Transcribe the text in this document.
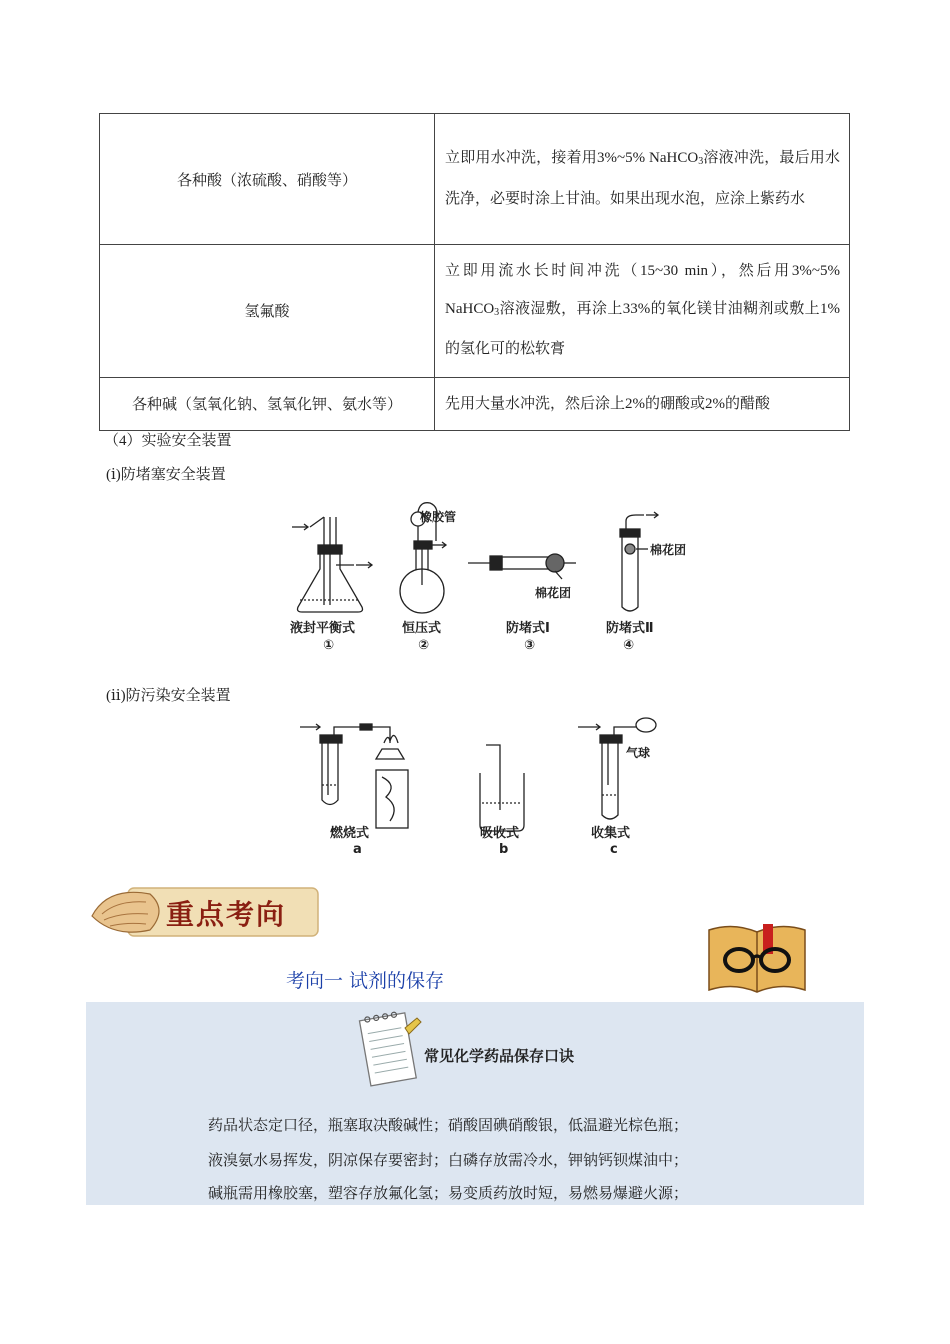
各种酸（浓硫酸、硝酸等）	立即用水冲洗，接着用3%~5% NaHCO$_3$溶液冲洗，最后用水洗净，必要时涂上甘油。如果出现水泡，应涂上紫药水
氢氟酸	立即用流水长时间冲洗（15~30 min），然后用3%~5% NaHCO$_3$溶液湿敷，再涂上33%的氧化镁甘油糊剂或敷上1%的氢化可的松软膏
各种碱（氢氧化钠、氢氧化钾、氨水等）	先用大量水冲洗，然后涂上2%的硼酸或2%的醋酸
（4）实验安全装置
(ⅰ)防堵塞安全装置
橡胶管
棉花团
棉花团
液封平衡式
①
恒压式
②
防堵式Ⅰ
③
防堵式Ⅱ
④
(ⅱ)防污染安全装置
气球
燃烧式
a
吸收式
b
收集式
c
重点考向
考向一 试剂的保存
常见化学药品保存口诀
药品状态定口径，瓶塞取决酸碱性；硝酸固碘硝酸银，低温避光棕色瓶；
液溴氨水易挥发，阴凉保存要密封；白磷存放需冷水，钾钠钙钡煤油中；
碱瓶需用橡胶塞，塑容存放氟化氢；易变质药放时短，易燃易爆避火源；
